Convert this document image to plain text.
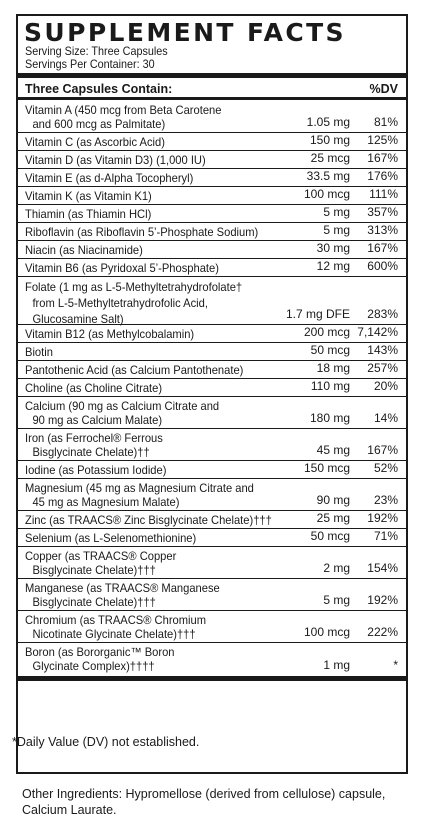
SUPPLEMENT FACTS
Serving Size: Three Capsules
Servings Per Container: 30
Three Capsules Contain:	%DV
Vitamin A (450 mcg from Beta Carotene
and 600 mcg as Palmitate)	1.05 mg 81%
Vitamin C (as Ascorbic Acid)	150 mg 125%
Vitamin D (as Vitamin D3) (1,000 IU)	25 mcg 167%
Vitamin E (as d-Alpha Tocopheryl)	33.5 mg 176%
Vitamin K (as Vitamin K1)	100 mcg 111%
Thiamin (as Thiamin HCl)	5 mg 357%
Riboflavin (as Riboflavin 5’-Phosphate Sodium)	5 mg 313%
Niacin (as Niacinamide)	30 mg 167%
Vitamin B6 (as Pyridoxal 5’-Phosphate)	12 mg 600%
Folate (1 mg as L-5-Methyltetrahydrofolate†
from L-5-Methyltetrahydrofolic Acid,
Glucosamine Salt)	1.7 mg DFE 283%
Vitamin B12 (as Methylcobalamin)	200 mcg 7,142%
Biotin	50 mcg 143%
Pantothenic Acid (as Calcium Pantothenate)	18 mg 257%
Choline (as Choline Citrate)	110 mg 20%
Calcium (90 mg as Calcium Citrate and
90 mg as Calcium Malate)	180 mg 14%
Iron (as Ferrochel® Ferrous
Bisglycinate Chelate)††	45 mg 167%
Iodine (as Potassium Iodide)	150 mcg 52%
Magnesium (45 mg as Magnesium Citrate and
45 mg as Magnesium Malate)	90 mg 23%
Zinc (as TRAACS® Zinc Bisglycinate Chelate)†††	25 mg 192%
Selenium (as L-Selenomethionine)	50 mcg 71%
Copper (as TRAACS® Copper
Bisglycinate Chelate)†††	2 mg 154%
Manganese (as TRAACS® Manganese
Bisglycinate Chelate)†††	5 mg 192%
Chromium (as TRAACS® Chromium
Nicotinate Glycinate Chelate)†††	100 mcg 222%
Boron (as Bororganic™ Boron
Glycinate Complex)††††	1 mg	*
*Daily Value (DV) not established.
Other Ingredients: Hypromellose (derived from cellulose) capsule, Calcium Laurate.
